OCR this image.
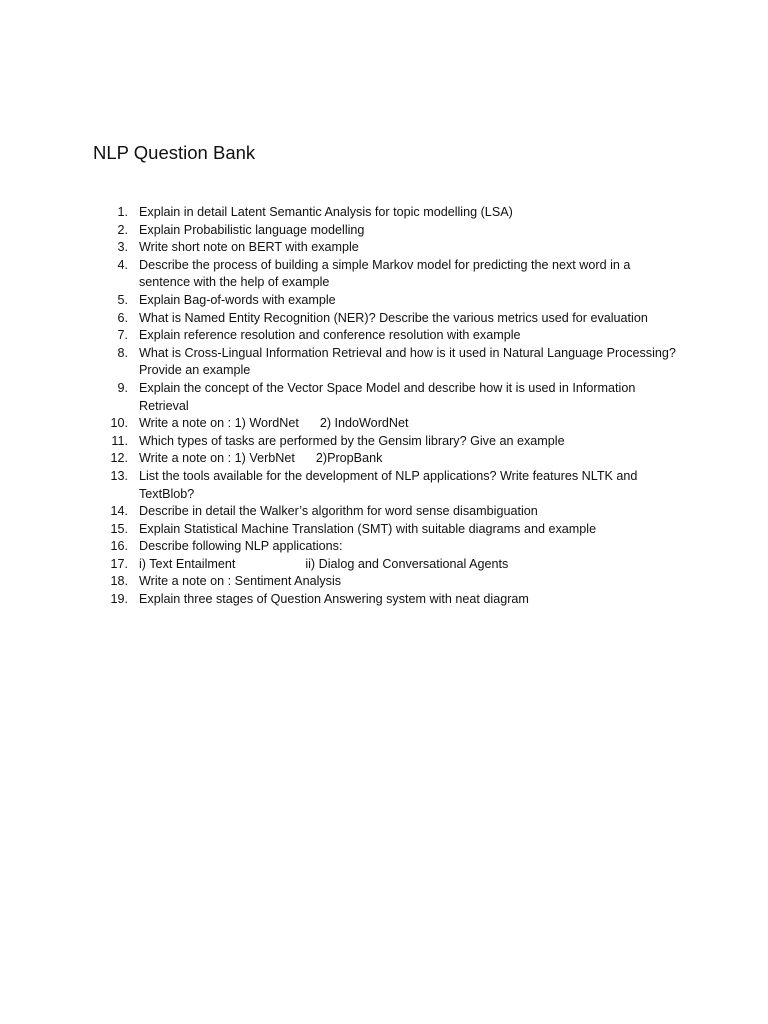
NLP Question Bank
1. Explain in detail Latent Semantic Analysis for topic modelling (LSA)
2. Explain Probabilistic language modelling
3. Write short note on BERT with example
4. Describe the process of building a simple Markov model for predicting the next word in a sentence with the help of example
5. Explain Bag-of-words with example
6. What is Named Entity Recognition (NER)? Describe the various metrics used for evaluation
7. Explain reference resolution and conference resolution with example
8. What is Cross-Lingual Information Retrieval and how is it used in Natural Language Processing? Provide an example
9. Explain the concept of the Vector Space Model and describe how it is used in Information Retrieval
10. Write a note on : 1) WordNet      2) IndoWordNet
11. Which types of tasks are performed by the Gensim library? Give an example
12. Write a note on : 1) VerbNet      2)PropBank
13. List the tools available for the development of NLP applications? Write features NLTK and TextBlob?
14. Describe in detail the Walker’s algorithm for word sense disambiguation
15. Explain Statistical Machine Translation (SMT) with suitable diagrams and example
16. Describe following NLP applications:
17. i) Text Entailment                    ii) Dialog and Conversational Agents
18. Write a note on : Sentiment Analysis
19. Explain three stages of Question Answering system with neat diagram
